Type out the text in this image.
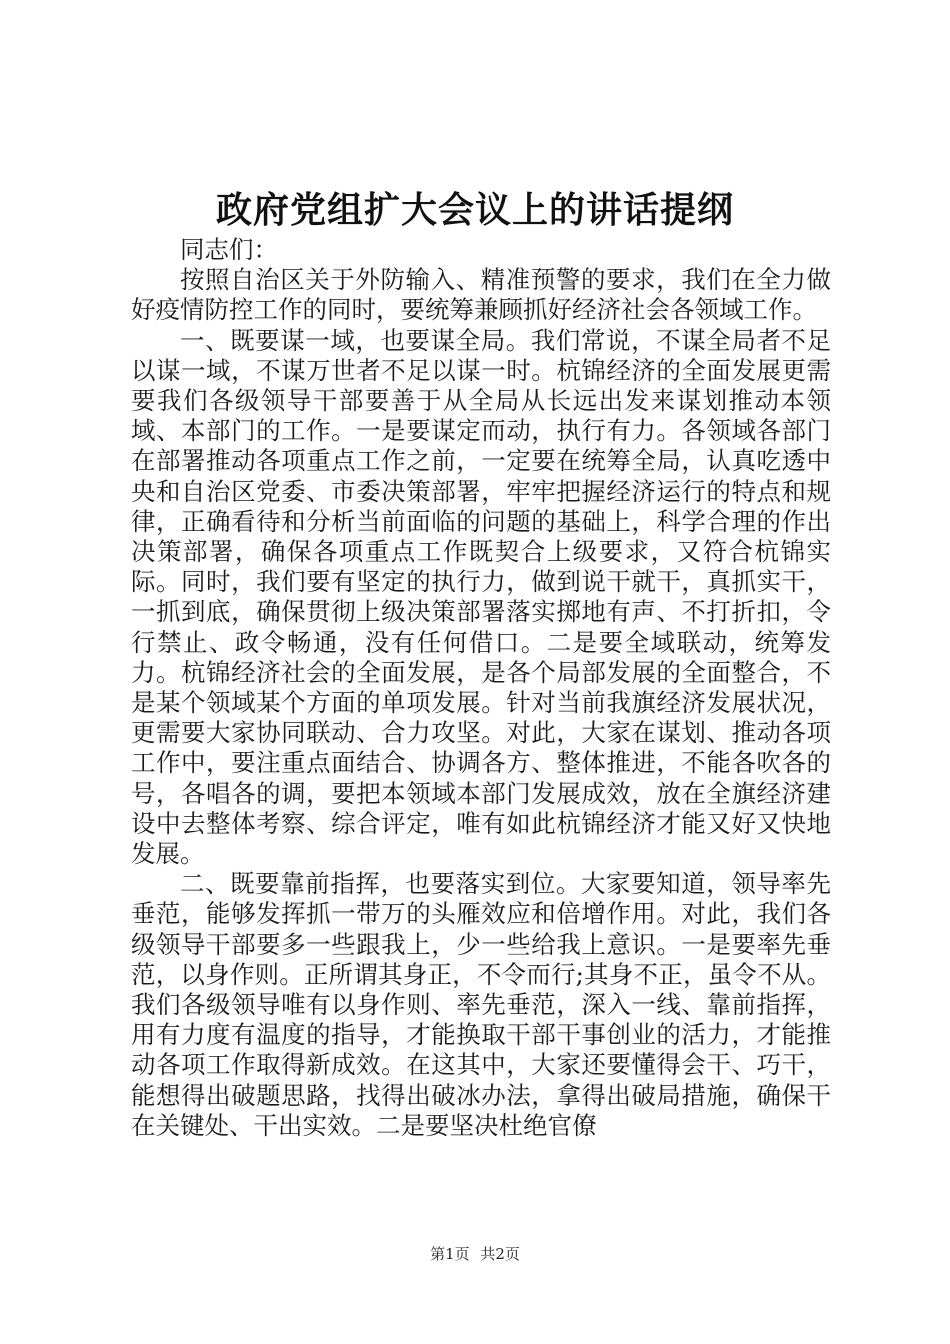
政府党组扩大会议上的讲话提纲

同志们：

按照自治区关于外防输入、精准预警的要求，我们在全力做好疫情防控工作的同时，要统筹兼顾抓好经济社会各领域工作。

一、既要谋一域，也要谋全局。我们常说，不谋全局者不足以谋一域，不谋万世者不足以谋一时。杭锦经济的全面发展更需要我们各级领导干部要善于从全局从长远出发来谋划推动本领域、本部门的工作。一是要谋定而动，执行有力。各领域各部门在部署推动各项重点工作之前，一定要在统筹全局，认真吃透中央和自治区党委、市委决策部署，牢牢把握经济运行的特点和规律，正确看待和分析当前面临的问题的基础上，科学合理的作出决策部署，确保各项重点工作既契合上级要求，又符合杭锦实际。同时，我们要有坚定的执行力，做到说干就干，真抓实干，一抓到底，确保贯彻上级决策部署落实掷地有声、不打折扣，令行禁止、政令畅通，没有任何借口。二是要全域联动，统筹发力。杭锦经济社会的全面发展，是各个局部发展的全面整合，不是某个领域某个方面的单项发展。针对当前我旗经济发展状况，更需要大家协同联动、合力攻坚。对此，大家在谋划、推动各项工作中，要注重点面结合、协调各方、整体推进，不能各吹各的号，各唱各的调，要把本领域本部门发展成效，放在全旗经济建设中去整体考察、综合评定，唯有如此杭锦经济才能又好又快地发展。

二、既要靠前指挥，也要落实到位。大家要知道，领导率先垂范，能够发挥抓一带万的头雁效应和倍增作用。对此，我们各级领导干部要多一些跟我上，少一些给我上意识。一是要率先垂范，以身作则。正所谓其身正，不令而行;其身不正，虽令不从。我们各级领导唯有以身作则、率先垂范，深入一线、靠前指挥，用有力度有温度的指导，才能换取干部干事创业的活力，才能推动各项工作取得新成效。在这其中，大家还要懂得会干、巧干，能想得出破题思路，找得出破冰办法，拿得出破局措施，确保干在关键处、干出实效。二是要坚决杜绝官僚

第1页 共2页
